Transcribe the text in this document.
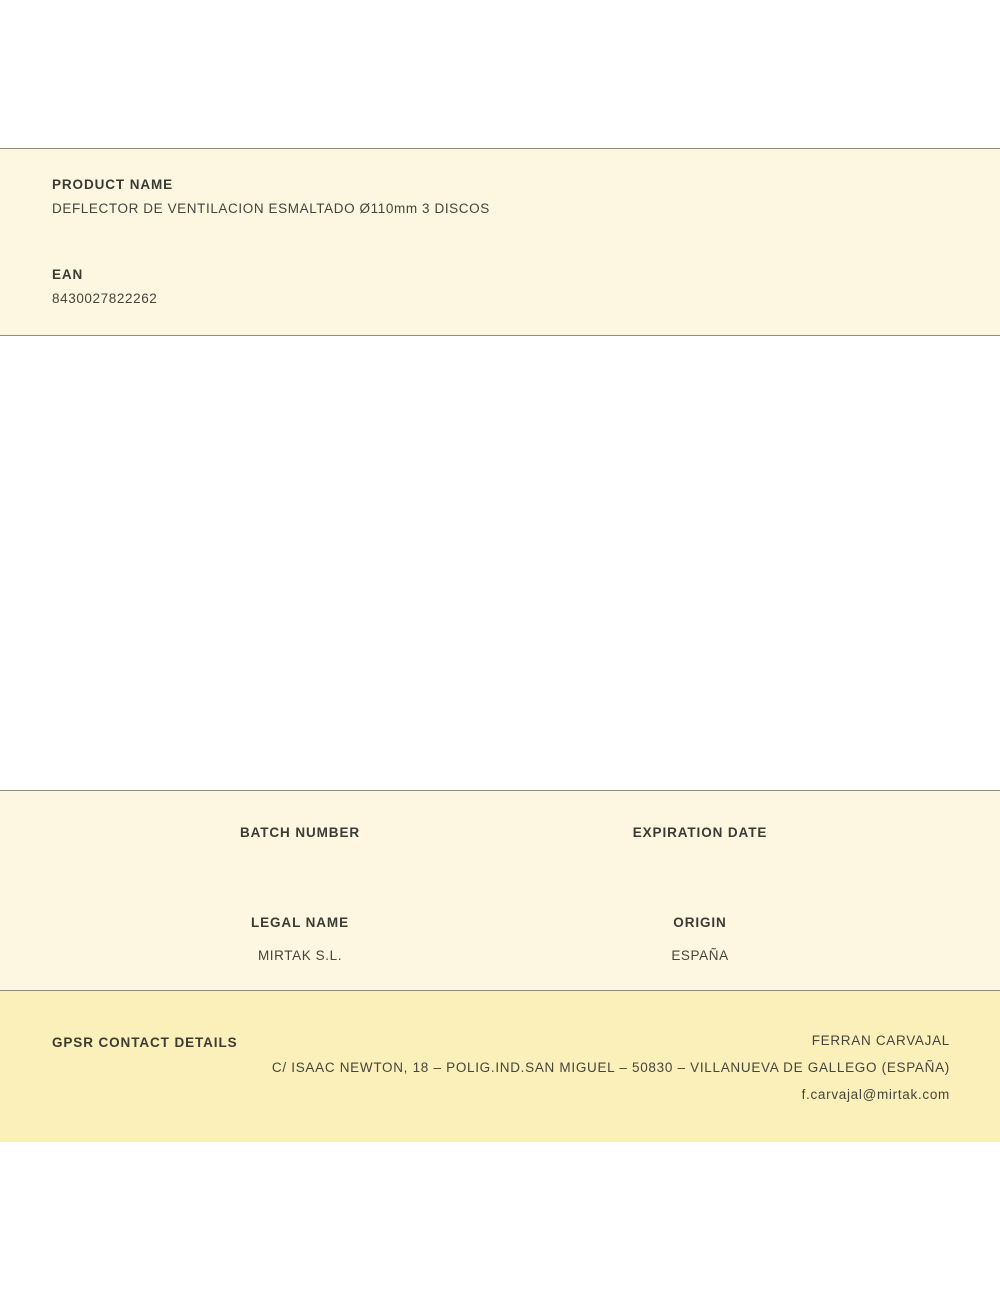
PRODUCT NAME

DEFLECTOR DE VENTILACION ESMALTADO Ø110mm 3 DISCOS

EAN

8430027822262

BATCH NUMBER	EXPIRATION DATE

LEGAL NAME

MIRTAK S.L.

ORIGIN

ESPAÑA

GPSR CONTACT DETAILS	FERRAN CARVAJAL

C/ ISAAC NEWTON, 18 – POLIG.IND.SAN MIGUEL – 50830 – VILLANUEVA DE GALLEGO (ESPAÑA)

f.carvajal@mirtak.com
